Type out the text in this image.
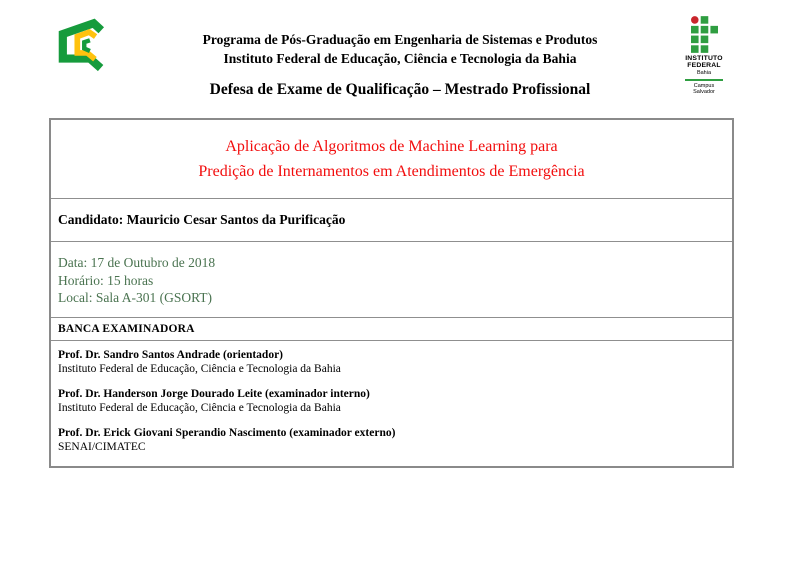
Programa de Pós-Graduação em Engenharia de Sistemas e Produtos
Instituto Federal de Educação, Ciência e Tecnologia da Bahia
Defesa de Exame de Qualificação – Mestrado Profissional
INSTITUTO
FEDERAL
Bahia
Campus
Salvador
Aplicação de Algoritmos de Machine Learning para
Predição de Internamentos em Atendimentos de Emergência
Candidato: Mauricio Cesar Santos da Purificação
Data: 17 de Outubro de 2018
Horário: 15 horas
Local: Sala A-301 (GSORT)
BANCA EXAMINADORA
Prof. Dr. Sandro Santos Andrade (orientador)
Instituto Federal de Educação, Ciência e Tecnologia da Bahia
Prof. Dr. Handerson Jorge Dourado Leite (examinador interno)
Instituto Federal de Educação, Ciência e Tecnologia da Bahia
Prof. Dr. Erick Giovani Sperandio Nascimento (examinador externo)
SENAI/CIMATEC
